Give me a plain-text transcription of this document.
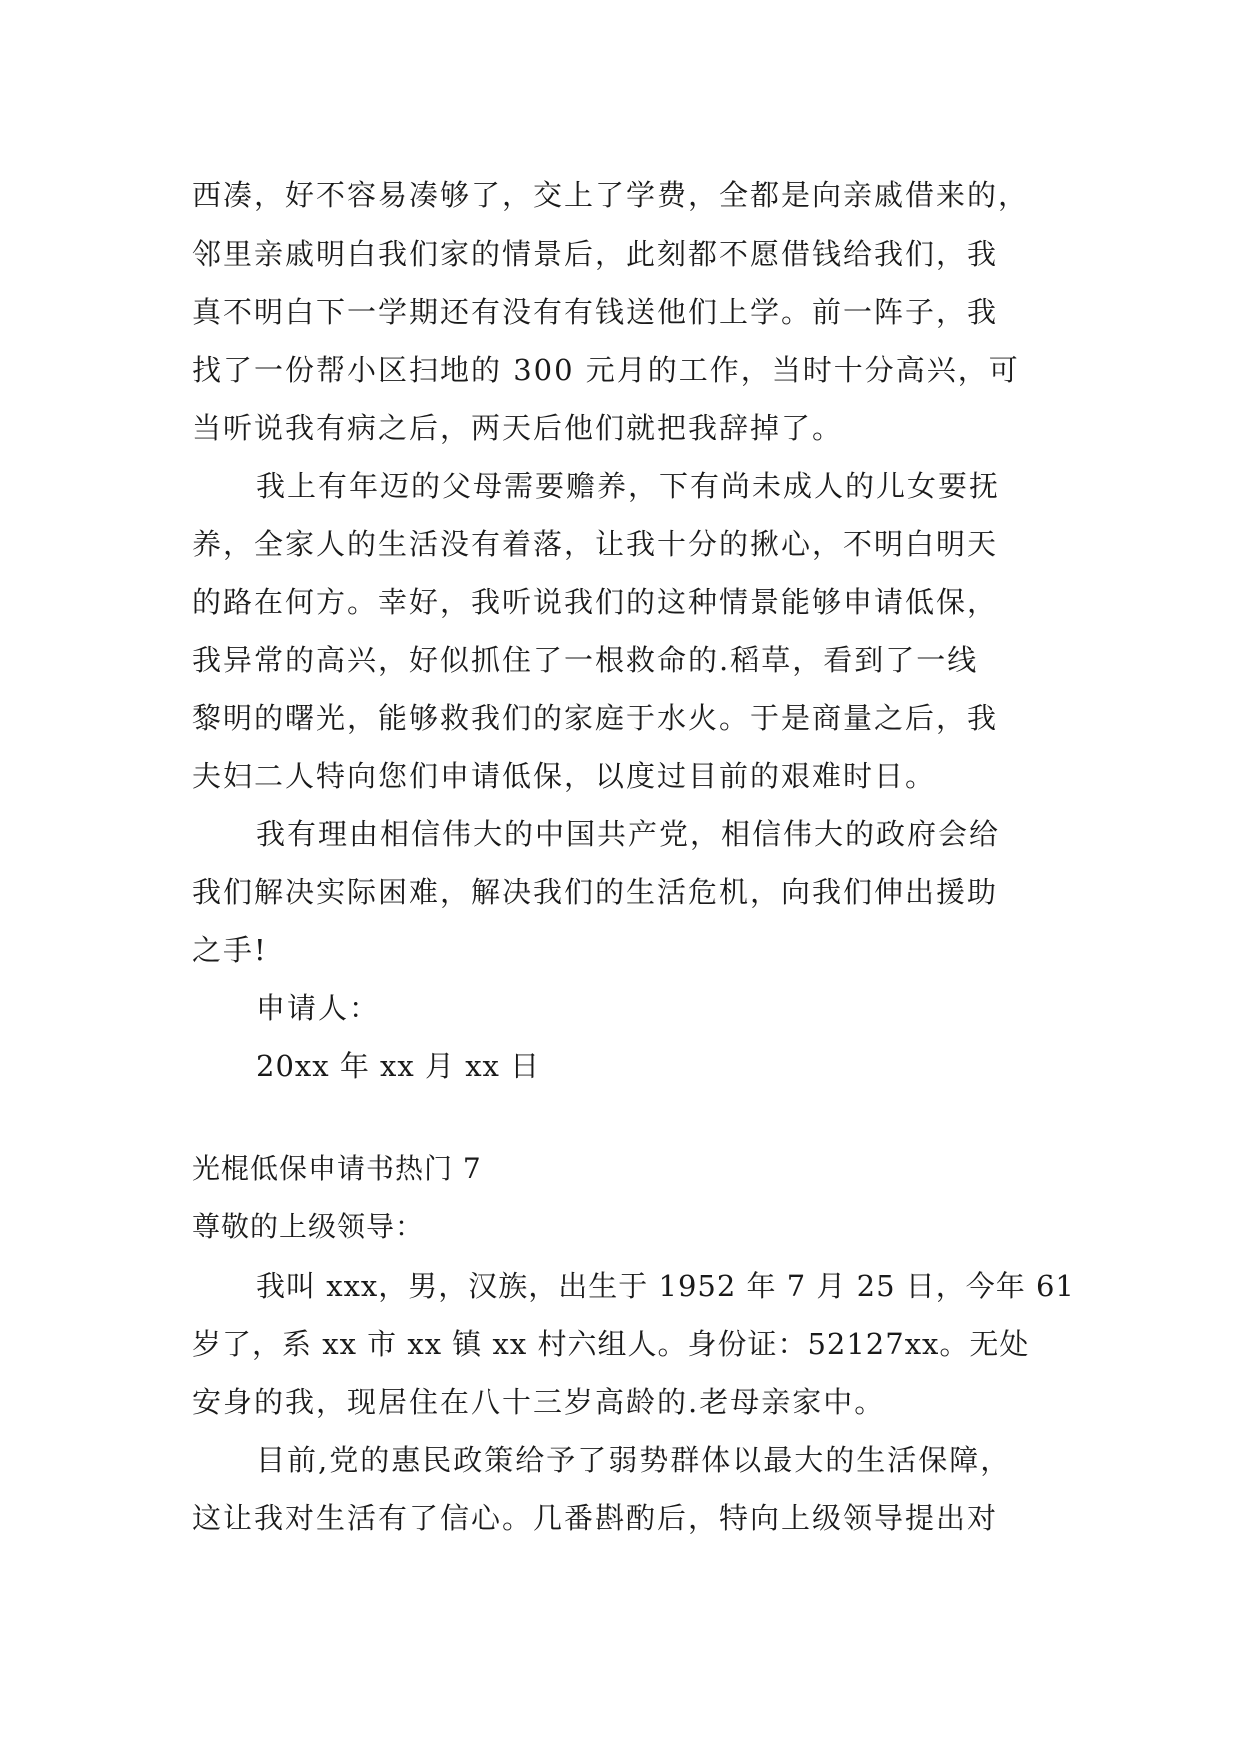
西凑，好不容易凑够了，交上了学费，全都是向亲戚借来的，
邻里亲戚明白我们家的情景后，此刻都不愿借钱给我们，我
真不明白下一学期还有没有有钱送他们上学。前一阵子，我
找了一份帮小区扫地的 300 元月的工作，当时十分高兴，可
当听说我有病之后，两天后他们就把我辞掉了。
我上有年迈的父母需要赡养，下有尚未成人的儿女要抚
养，全家人的生活没有着落，让我十分的揪心，不明白明天
的路在何方。幸好，我听说我们的这种情景能够申请低保，
我异常的高兴，好似抓住了一根救命的.稻草，看到了一线
黎明的曙光，能够救我们的家庭于水火。于是商量之后，我
夫妇二人特向您们申请低保，以度过目前的艰难时日。
我有理由相信伟大的中国共产党，相信伟大的政府会给
我们解决实际困难，解决我们的生活危机，向我们伸出援助
之手!
申请人：
20xx 年 xx 月 xx 日
光棍低保申请书热门 7
尊敬的上级领导：
我叫 xxx，男，汉族，出生于 1952 年 7 月 25 日，今年 61
岁了，系 xx 市 xx 镇 xx 村六组人。身份证：52127xx。无处
安身的我，现居住在八十三岁高龄的.老母亲家中。
目前,党的惠民政策给予了弱势群体以最大的生活保障，
这让我对生活有了信心。几番斟酌后，特向上级领导提出对
